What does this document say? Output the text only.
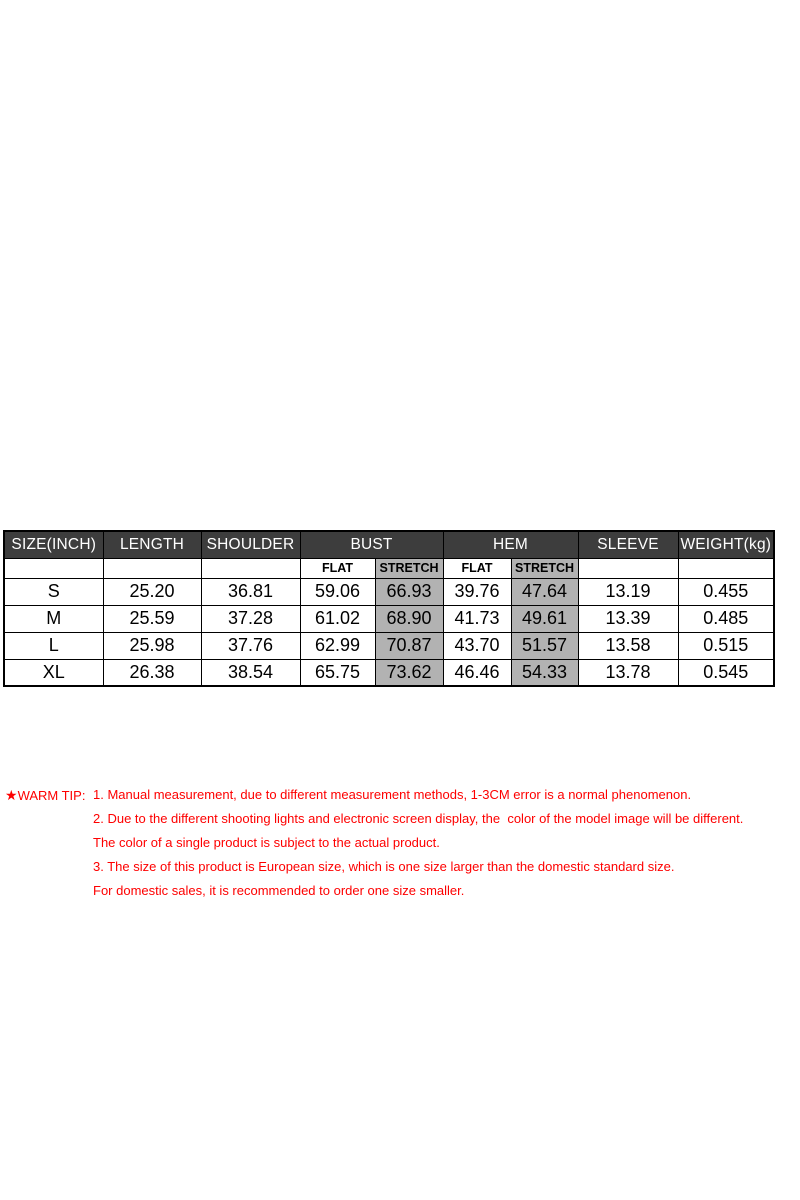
SIZE(INCH)	LENGTH	SHOULDER	BUST		HEM		SLEEVE	WEIGHT(kg)
			FLAT	STRETCH	FLAT	STRETCH		
S	25.20	36.81	59.06	66.93	39.76	47.64	13.19	0.455
M	25.59	37.28	61.02	68.90	41.73	49.61	13.39	0.485
L	25.98	37.76	62.99	70.87	43.70	51.57	13.58	0.515
XL	26.38	38.54	65.75	73.62	46.46	54.33	13.78	0.545
★WARM TIP: 1. Manual measurement, due to different measurement methods, 1-3CM error is a normal phenomenon.
2. Due to the different shooting lights and electronic screen display, the  color of the model image will be different.
The color of a single product is subject to the actual product.
3. The size of this product is European size, which is one size larger than the domestic standard size.
For domestic sales, it is recommended to order one size smaller.
